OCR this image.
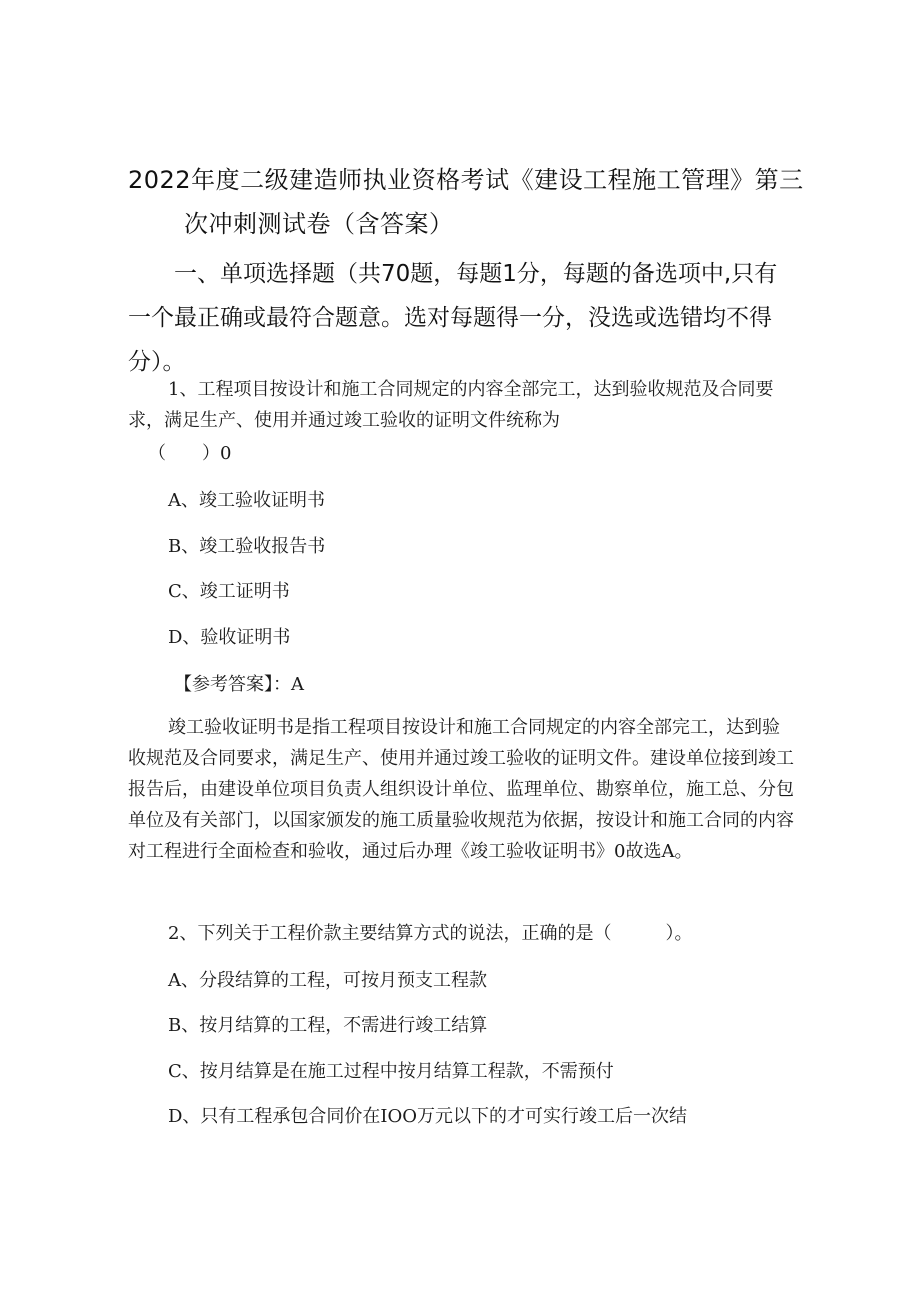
2022年度二级建造师执业资格考试《建设工程施工管理》第三
次冲刺测试卷（含答案）
一、单项选择题（共70题，每题1分，每题的备选项中,只有一个最正确或最符合题意。选对每题得一分，没选或选错均不得分）。
1、工程项目按设计和施工合同规定的内容全部完工，达到验收规范及合同要求，满足生产、使用并通过竣工验收的证明文件统称为
（　　）0
A、竣工验收证明书
B、竣工验收报告书
C、竣工证明书
D、验收证明书
【参考答案】：A
竣工验收证明书是指工程项目按设计和施工合同规定的内容全部完工，达到验收规范及合同要求，满足生产、使用并通过竣工验收的证明文件。建设单位接到竣工报告后，由建设单位项目负责人组织设计单位、监理单位、勘察单位，施工总、分包单位及有关部门，以国家颁发的施工质量验收规范为依据，按设计和施工合同的内容对工程进行全面检查和验收，通过后办理《竣工验收证明书》0故选A。
2、下列关于工程价款主要结算方式的说法，正确的是（　　　）。
A、分段结算的工程，可按月预支工程款
B、按月结算的工程，不需进行竣工结算
C、按月结算是在施工过程中按月结算工程款，不需预付
D、只有工程承包合同价在IOO万元以下的才可实行竣工后一次结
